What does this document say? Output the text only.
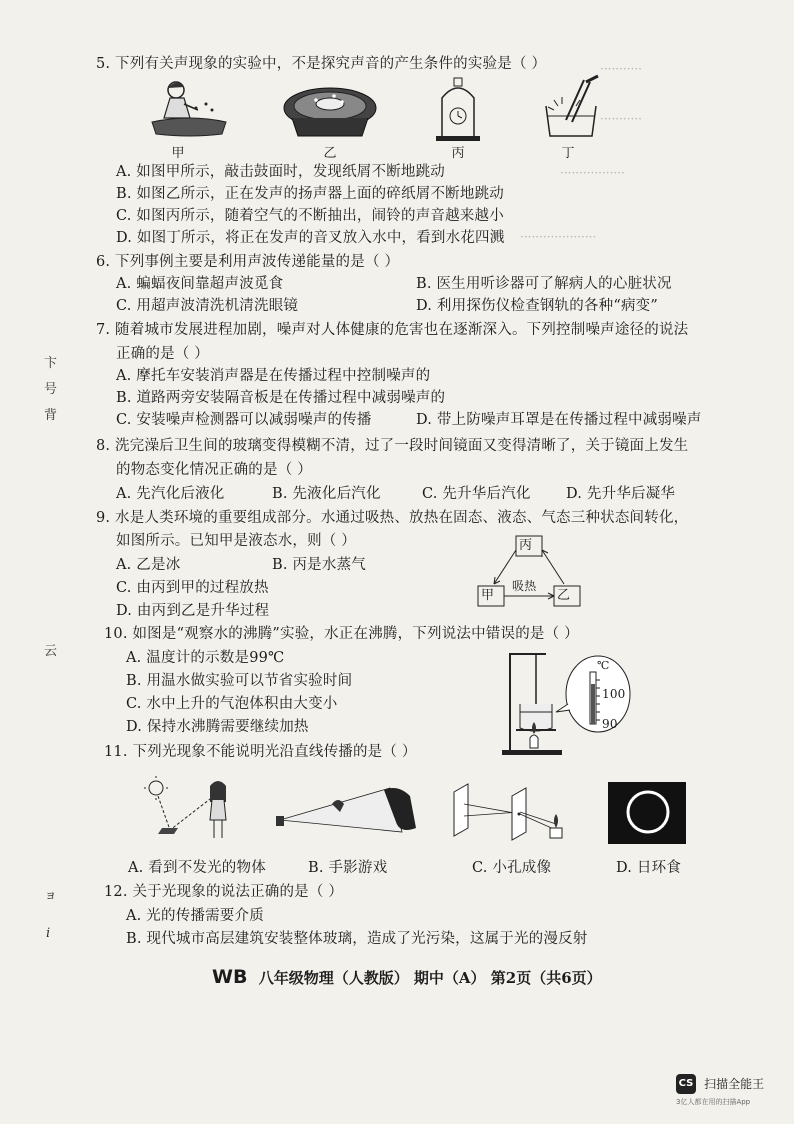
···········
···········
·················
····················
卞
号
背
云
ョ
i
5. 下列有关声现象的实验中，不是探究声音的产生条件的实验是（ ）
甲	乙	丙	丁
A. 如图甲所示，敲击鼓面时，发现纸屑不断地跳动
B. 如图乙所示，正在发声的扬声器上面的碎纸屑不断地跳动
C. 如图丙所示，随着空气的不断抽出，闹铃的声音越来越小
D. 如图丁所示，将正在发声的音叉放入水中，看到水花四溅
6. 下列事例主要是利用声波传递能量的是（ ）
A. 蝙蝠夜间靠超声波觅食	B. 医生用听诊器可了解病人的心脏状况
C. 用超声波清洗机清洗眼镜	D. 利用探伤仪检查钢轨的各种“病变”
7. 随着城市发展进程加剧，噪声对人体健康的危害也在逐渐深入。下列控制噪声途径的说法
正确的是（ ）
A. 摩托车安装消声器是在传播过程中控制噪声的
B. 道路两旁安装隔音板是在传播过程中减弱噪声的
C. 安装噪声检测器可以减弱噪声的传播	D. 带上防噪声耳罩是在传播过程中减弱噪声
8. 洗完澡后卫生间的玻璃变得模糊不清，过了一段时间镜面又变得清晰了，关于镜面上发生
的物态变化情况正确的是（ ）
A. 先汽化后液化	B. 先液化后汽化	C. 先升华后汽化 D. 先升华后凝华
9. 水是人类环境的重要组成部分。水通过吸热、放热在固态、液态、气态三种状态间转化，
如图所示。已知甲是液态水，则（ ）
A. 乙是冰	B. 丙是水蒸气
C. 由丙到甲的过程放热
D. 由丙到乙是升华过程
丙
甲	乙
吸热
10. 如图是“观察水的沸腾”实验，水正在沸腾，下列说法中错误的是（ ）
A. 温度计的示数是99℃
B. 用温水做实验可以节省实验时间
C. 水中上升的气泡体积由大变小
D. 保持水沸腾需要继续加热
℃
100
90
11. 下列光现象不能说明光沿直线传播的是（ ）
A. 看到不发光的物体	B. 手影游戏	C. 小孔成像	D. 日环食
12. 关于光现象的说法正确的是（ ）
A. 光的传播需要介质
B. 现代城市高层建筑安装整体玻璃，造成了光污染，这属于光的漫反射
WB 八年级物理（人教版） 期中（A） 第2页（共6页）
CS 扫描全能王
3亿人都在用的扫描App
